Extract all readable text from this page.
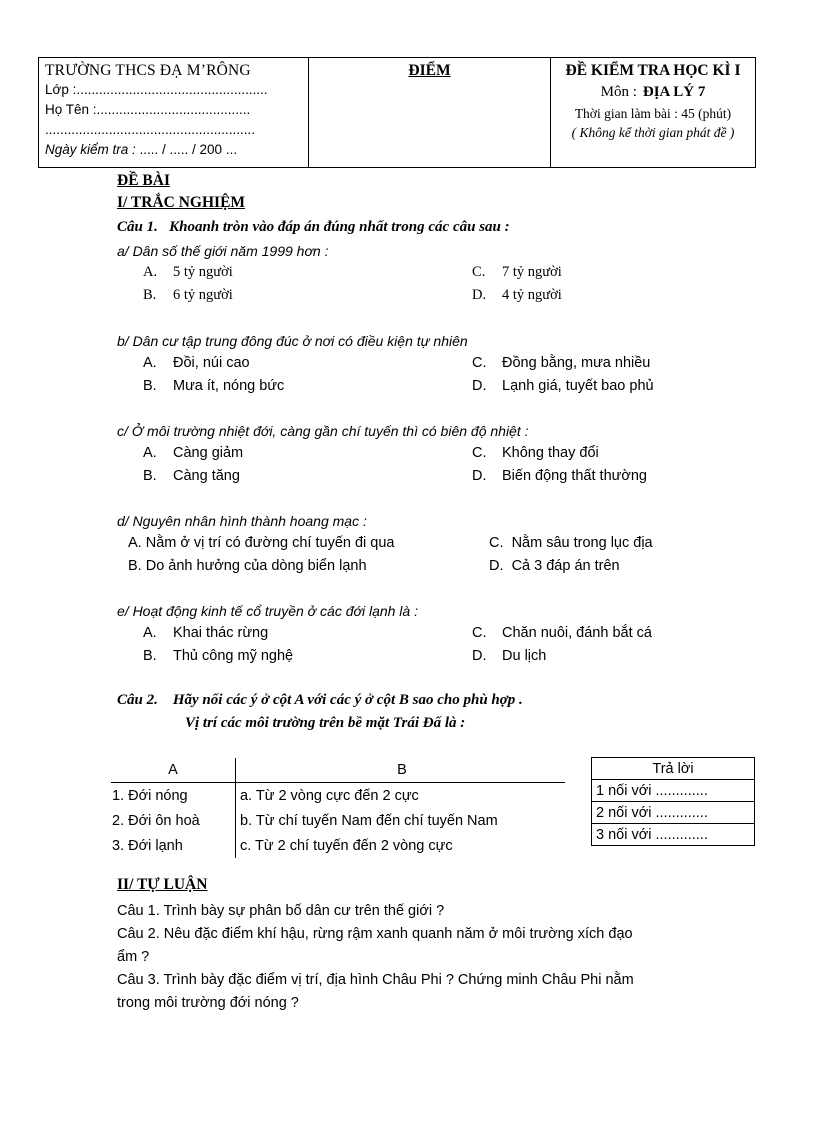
TRƯỜNG THCS ĐẠ M’RÔNG
Lớp :...................................................
Họ Tên :.........................................
........................................................
Ngày kiểm tra : ..... / ..... / 200 ...
ĐIỂM	ĐỀ KIỂM TRA HỌC KÌ I
Môn : ĐỊA LÝ 7
Thời gian làm bài : 45 (phút)
( Không kể thời gian phát đề )
ĐỀ BÀI
I/ TRẮC NGHIỆM
Câu 1. Khoanh tròn vào đáp án đúng nhất trong các câu sau :
a/ Dân số thế giới năm 1999 hơn :
A. 5 tỷ người	C. 7 tỷ người
B. 6 tỷ người	D. 4 tỷ người
b/ Dân cư tập trung đông đúc ở nơi có điều kiện tự nhiên
A. Đồi, núi cao	C. Đồng bằng, mưa nhiều
B. Mưa ít, nóng bức	D. Lạnh giá, tuyết bao phủ
c/ Ở môi trường nhiệt đới, càng gần chí tuyến thì có biên độ nhiệt :
A. Càng giảm	C. Không thay đổi
B. Càng tăng	D. Biến động thất thường
d/ Nguyên nhân hình thành hoang mạc :
A. Nằm ở vị trí có đường chí tuyến đi qua	C. Nằm sâu trong lục địa
B. Do ảnh hưởng của dòng biển lạnh	D. Cả 3 đáp án trên
e/ Hoạt động kinh tế cổ truyền ở các đới lạnh là :
A. Khai thác rừng	C. Chăn nuôi, đánh bắt cá
B. Thủ công mỹ nghệ	D. Du lịch
Câu 2. Hãy nối các ý ở cột A với các ý ở cột B sao cho phù hợp .
Vị trí các môi trường trên bề mặt Trái Đấ là :
A	B
1. Đới nóng	a. Từ 2 vòng cực đến 2 cực
2. Đới ôn hoà	b. Từ chí tuyến Nam đến chí tuyến Nam
3. Đới lạnh	c. Từ 2 chí tuyến đến 2 vòng cực
Trả lời
1 nối với .............
2 nối với .............
3 nối với .............
II/ TỰ LUẬN
Câu 1. Trình bày sự phân bố dân cư trên thế giới ?
Câu 2. Nêu đặc điểm khí hậu, rừng rậm xanh quanh năm ở môi trường xích đạo
ẩm ?
Câu 3. Trình bày đặc điểm vị trí, địa hình Châu Phi ? Chứng minh Châu Phi nằm
trong môi trường đới nóng ?
